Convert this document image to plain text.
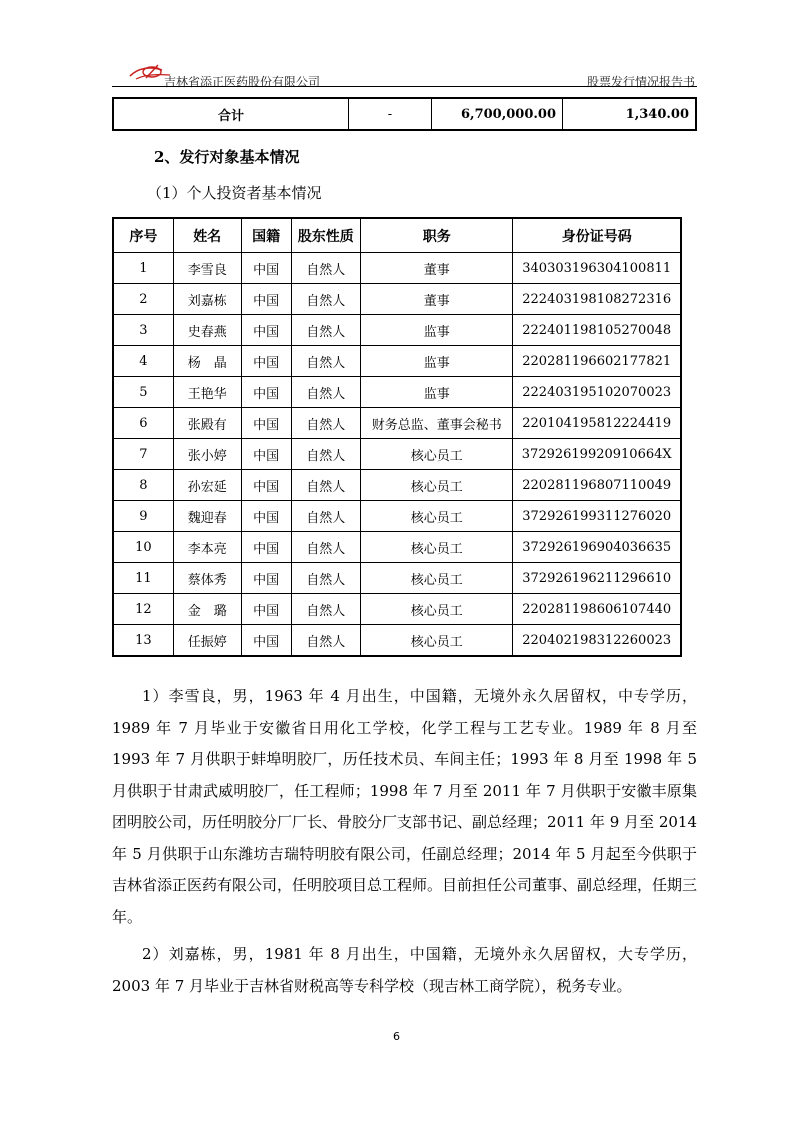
吉林省添正医药股份有限公司	股票发行情况报告书
合计	-	6,700,000.00	1,340.00
2、发行对象基本情况
（1）个人投资者基本情况
序号	姓名	国籍	股东性质	职务	身份证号码
1	李雪良	中国	自然人	董事	340303196304100811
2	刘嘉栋	中国	自然人	董事	222403198108272316
3	史春燕	中国	自然人	监事	222401198105270048
4	杨　晶	中国	自然人	监事	220281196602177821
5	王艳华	中国	自然人	监事	222403195102070023
6	张殿有	中国	自然人	财务总监、董事会秘书	220104195812224419
7	张小婷	中国	自然人	核心员工	37292619920910664X
8	孙宏延	中国	自然人	核心员工	220281196807110049
9	魏迎春	中国	自然人	核心员工	372926199311276020
10	李本亮	中国	自然人	核心员工	372926196904036635
11	蔡体秀	中国	自然人	核心员工	372926196211296610
12	金　璐	中国	自然人	核心员工	220281198606107440
13	任振婷	中国	自然人	核心员工	220402198312260023
1）李雪良，男，1963 年 4 月出生，中国籍，无境外永久居留权，中专学历，1989 年 7 月毕业于安徽省日用化工学校，化学工程与工艺专业。1989 年 8 月至 1993 年 7 月供职于蚌埠明胶厂，历任技术员、车间主任；1993 年 8 月至 1998 年 5 月供职于甘肃武威明胶厂，任工程师；1998 年 7 月至 2011 年 7 月供职于安徽丰原集团明胶公司，历任明胶分厂厂长、骨胶分厂支部书记、副总经理；2011 年 9 月至 2014 年 5 月供职于山东潍坊吉瑞特明胶有限公司，任副总经理；2014 年 5 月起至今供职于吉林省添正医药有限公司，任明胶项目总工程师。目前担任公司董事、副总经理，任期三年。
2）刘嘉栋，男，1981 年 8 月出生，中国籍，无境外永久居留权，大专学历，2003 年 7 月毕业于吉林省财税高等专科学校（现吉林工商学院），税务专业。
6
